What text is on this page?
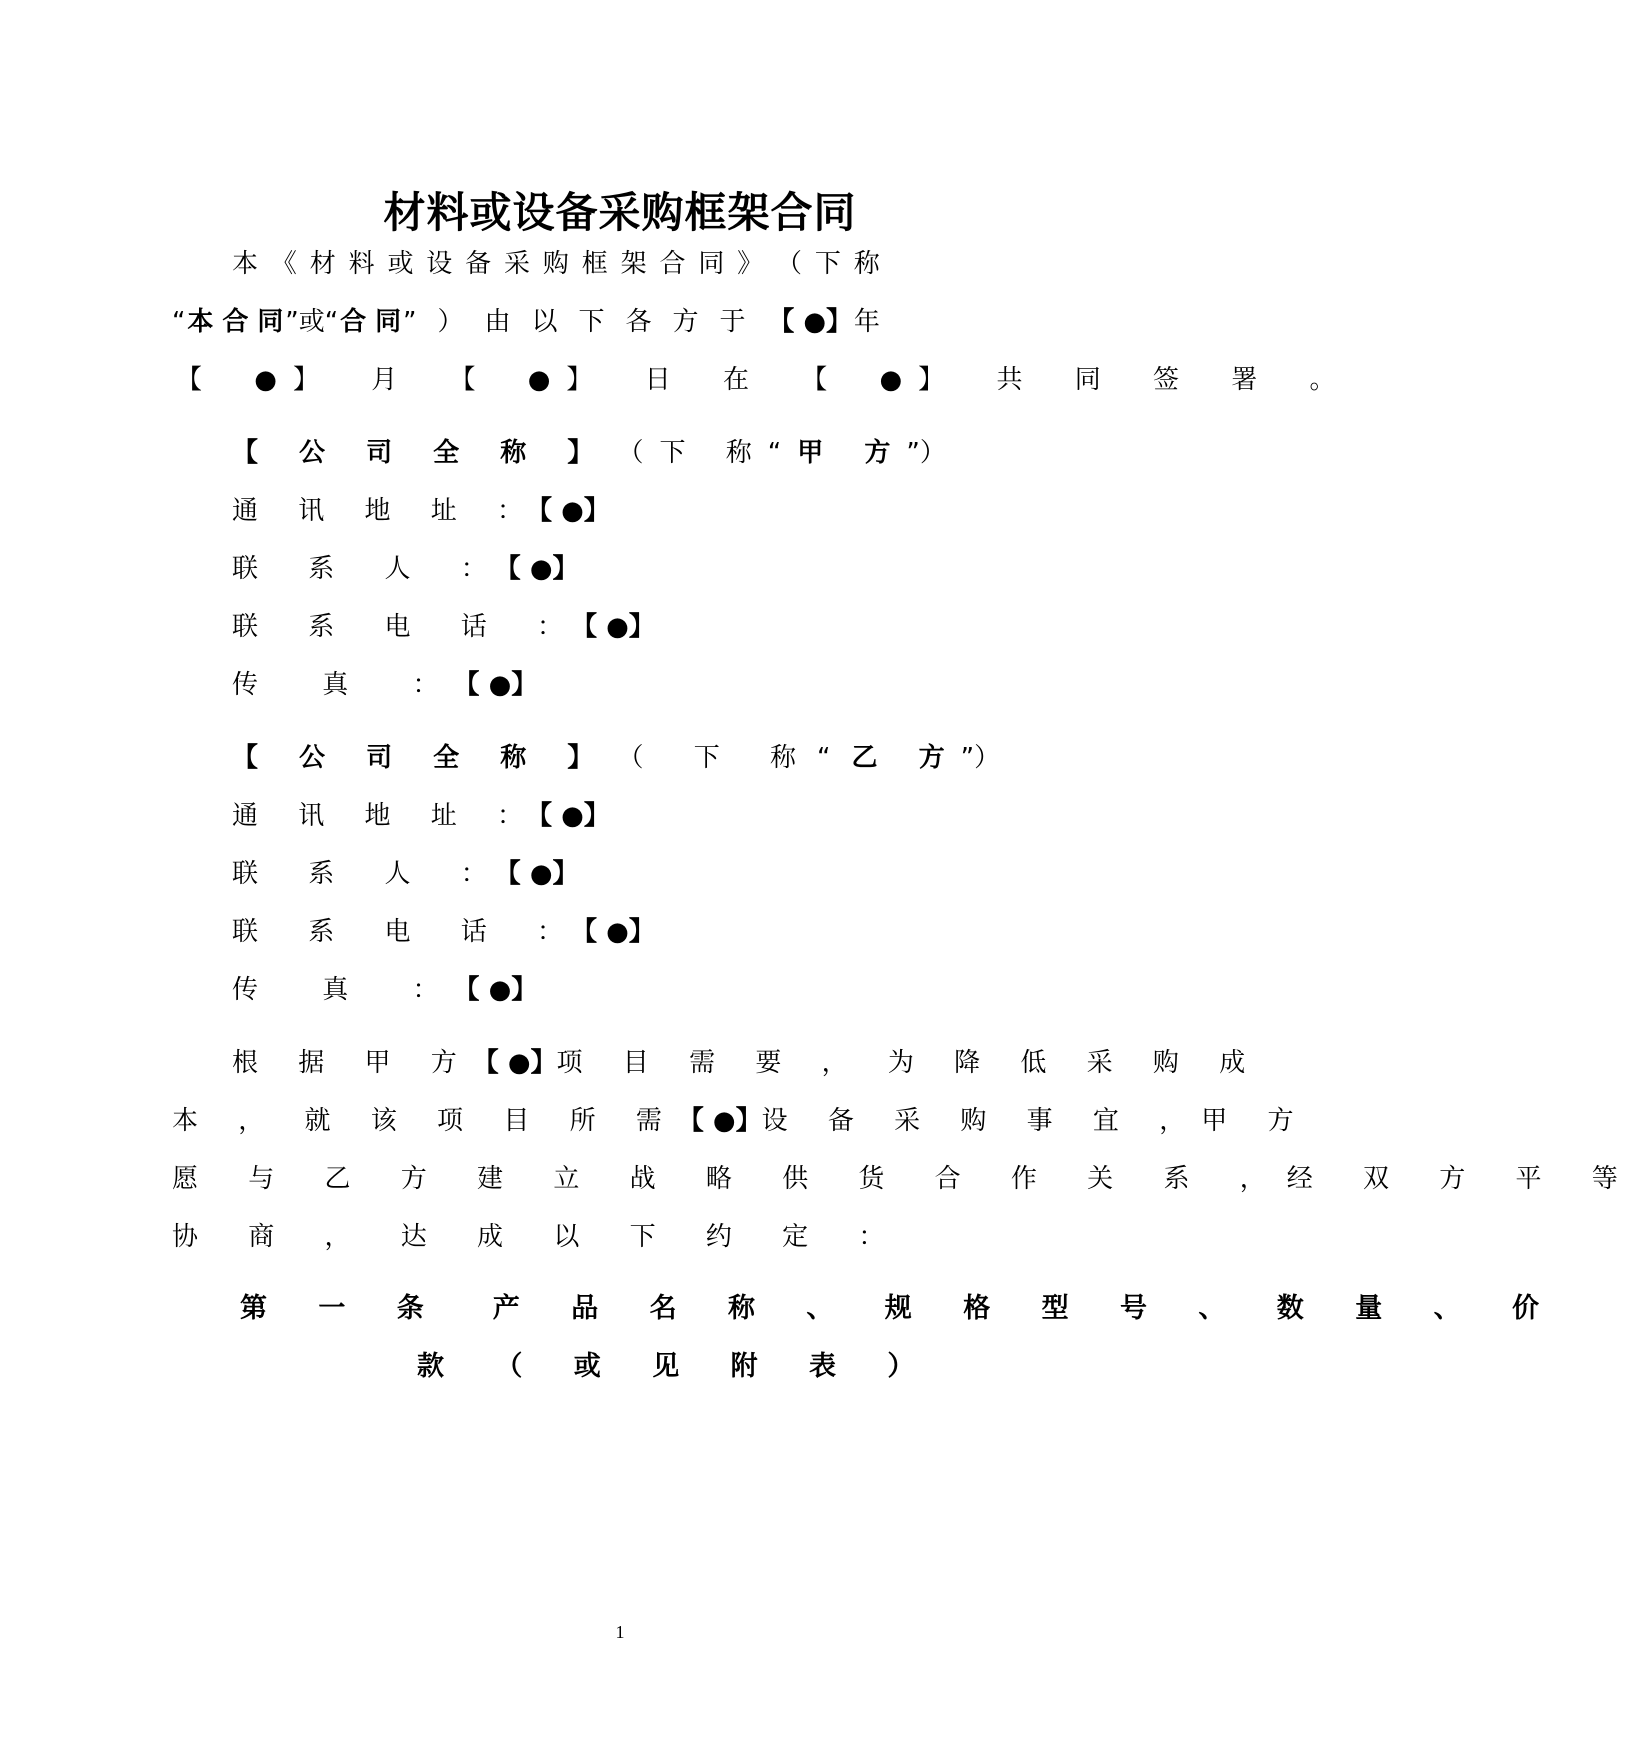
材料或设备采购框架合同
本 《 材 料 或 设 备 采 购 框 架 合 同 》 （ 下 称
“ 本 合 同 ”或“ 合 同 ”）由以下各方于 【 ●】 年
【 ●】 月 【 ●】 日 在 【 ●】 共 同 签 署 。
【 公 司 全 称 】 （下 称“甲 方”）
通 讯 地 址 ：【 ●】
联 系 人 ：【 ●】
联 系 电 话 ：【 ●】
传 真 ：【 ●】
【 公 司 全 称 】 （ 下 称“乙 方”）
通 讯 地 址 ：【 ●】
联 系 人 ：【 ●】
联 系 电 话 ：【 ●】
传 真 ：【 ●】
根 据 甲 方 【 ●】 项 目 需 要 ， 为 降 低 采 购 成
本 ， 就 该 项 目 所 需 【 ●】 设 备 采 购 事 宜 ，甲 方
愿 与 乙 方 建 立 战 略 供 货 合 作 关 系 ，经 双 方 平 等
协 商 ， 达 成 以 下 约 定 ：
第 一 条　产 品 名 称 、 规 格 型 号 、 数 量 、 价
款 （ 或 见 附 表 ）
1
